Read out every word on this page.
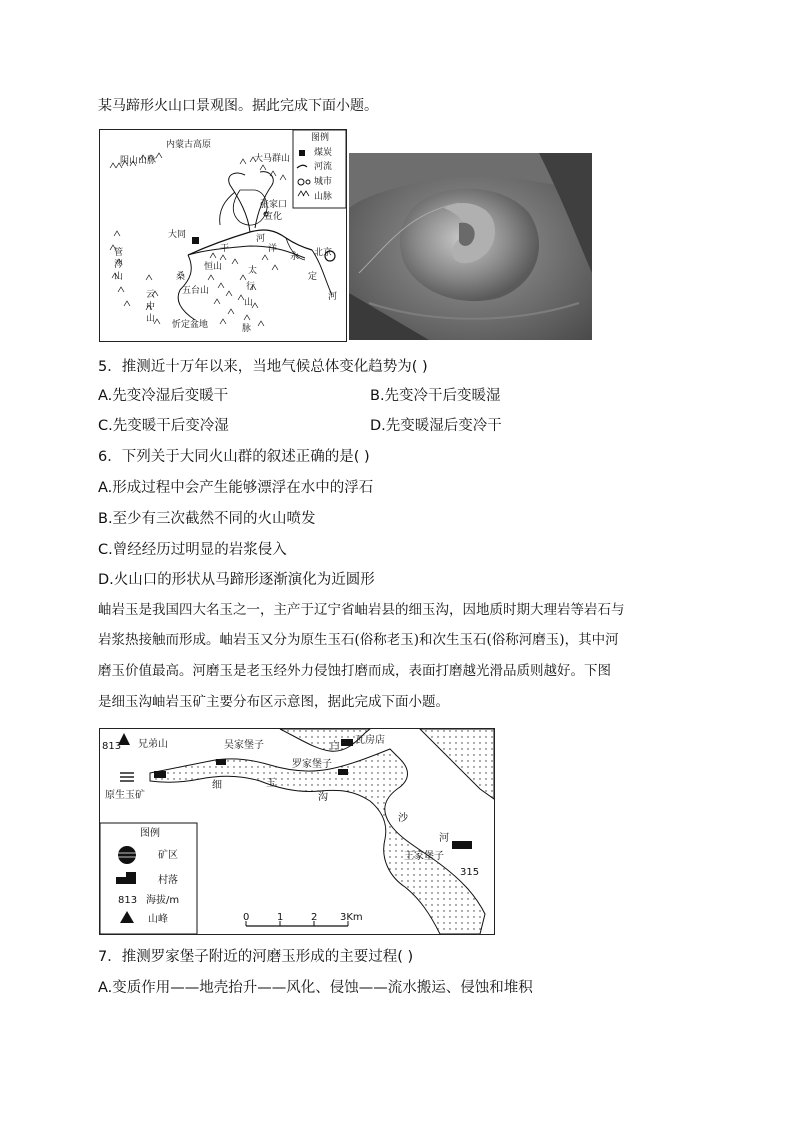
某马蹄形火山口景观图。据此完成下面小题。
内蒙古高原
阴山山脉	大马群山
张家口
宣化
大同	河
干	洋
恒山
永
定
河
北京
管
涔
山	桑
五台山
太
行
山
脉
云
中
山
忻定盆地
图例
煤炭
河流
城市
山脉
5．推测近十万年以来，当地气候总体变化趋势为( )
A.先变冷湿后变暖干	B.先变冷干后变暖湿
C.先变暖干后变冷湿	D.先变暖湿后变冷干
6．下列关于大同火山群的叙述正确的是( )
A.形成过程中会产生能够漂浮在水中的浮石
B.至少有三次截然不同的火山喷发
C.曾经经历过明显的岩浆侵入
D.火山口的形状从马蹄形逐渐演化为近圆形
岫岩玉是我国四大名玉之一，主产于辽宁省岫岩县的细玉沟，因地质时期大理岩等岩石与
岩浆热接触而形成。岫岩玉又分为原生玉石(俗称老玉)和次生玉石(俗称河磨玉)，其中河
磨玉价值最高。河磨玉是老玉经外力侵蚀打磨而成，表面打磨越光滑品质则越好。下图
是细玉沟岫岩玉矿主要分布区示意图，据此完成下面小题。
813 兄弟山	吴家堡子	白
瓦房店
罗家堡子
原生玉矿
细	玉
沟
沙
河
王家堡子
315
图例
矿区
村落
813 海拔/m
山峰	0	1	2 3Km
7．推测罗家堡子附近的河磨玉形成的主要过程( )
A.变质作用——地壳抬升——风化、侵蚀——流水搬运、侵蚀和堆积
